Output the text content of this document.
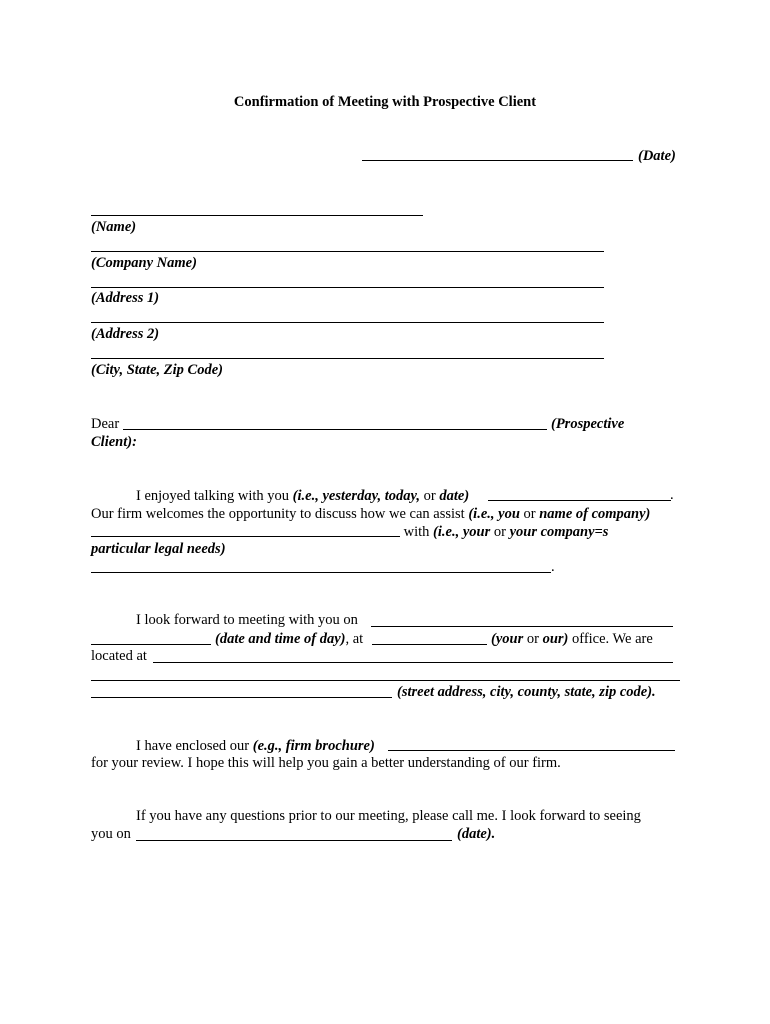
Confirmation of Meeting with Prospective Client
(Date)
(Name)
(Company Name)
(Address 1)
(Address 2)
(City, State, Zip Code)
Dear	(Prospective
Client):
I enjoyed talking with you (i.e., yesterday, today, or date)	.
Our firm welcomes the opportunity to discuss how we can assist (i.e., you or name of company)
with (i.e., your or your company=s
particular legal needs)
.
I look forward to meeting with you on
(date and time of day), at	(your or our) office. We are
located at
(street address, city, county, state, zip code).
I have enclosed our (e.g., firm brochure)
for your review. I hope this will help you gain a better understanding of our firm.
If you have any questions prior to our meeting, please call me. I look forward to seeing
you on	(date).
